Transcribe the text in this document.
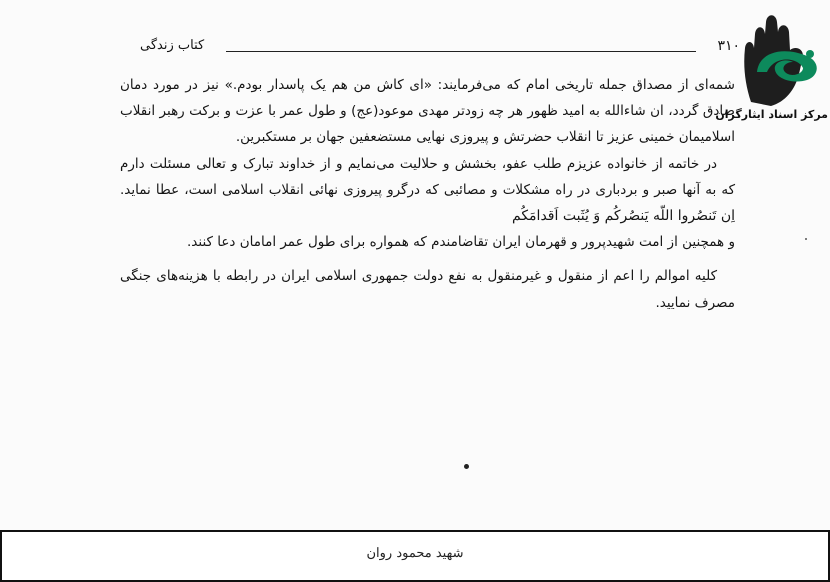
۳۱۰
کتاب زندگی
مرکز اسناد ایثارگران

شمه‌ای از مصداق جمله تاریخی امام که می‌فرمایند: «ای کاش من هم یک پاسدار بودم.» نیز در مورد دمان صادق گردد، ان شاءالله به امید ظهور هر چه زودتر مهدی موعود(عج) و طول عمر با عزت و برکت رهبر انقلاب اسلامیمان خمینی عزیز تا انقلاب حضرتش و پیروزی نهایی مستضعفین جهان بر مستکبرین.

در خاتمه از خانواده عزیزم طلب عفو، بخشش و حلالیت می‌نمایم و از خداوند تبارک و تعالی مسئلت دارم که به آنها صبر و بردباری در راه مشکلات و مصائبی که درگرو پیروزی نهائی انقلاب اسلامی است، عطا نماید. اِن تَنصُروا اللّه یَنصُرکُم وَ یُثَبت اَقدامَکُم

و همچنین از امت شهیدپرور و قهرمان ایران تقاضامندم که همواره برای طول عمر امامان دعا کنند.

کلیه اموالم را اعم از منقول و غیرمنقول به نفع دولت جمهوری اسلامی ایران در رابطه با هزینه‌های جنگی مصرف نمایید.

شهید محمود روان
